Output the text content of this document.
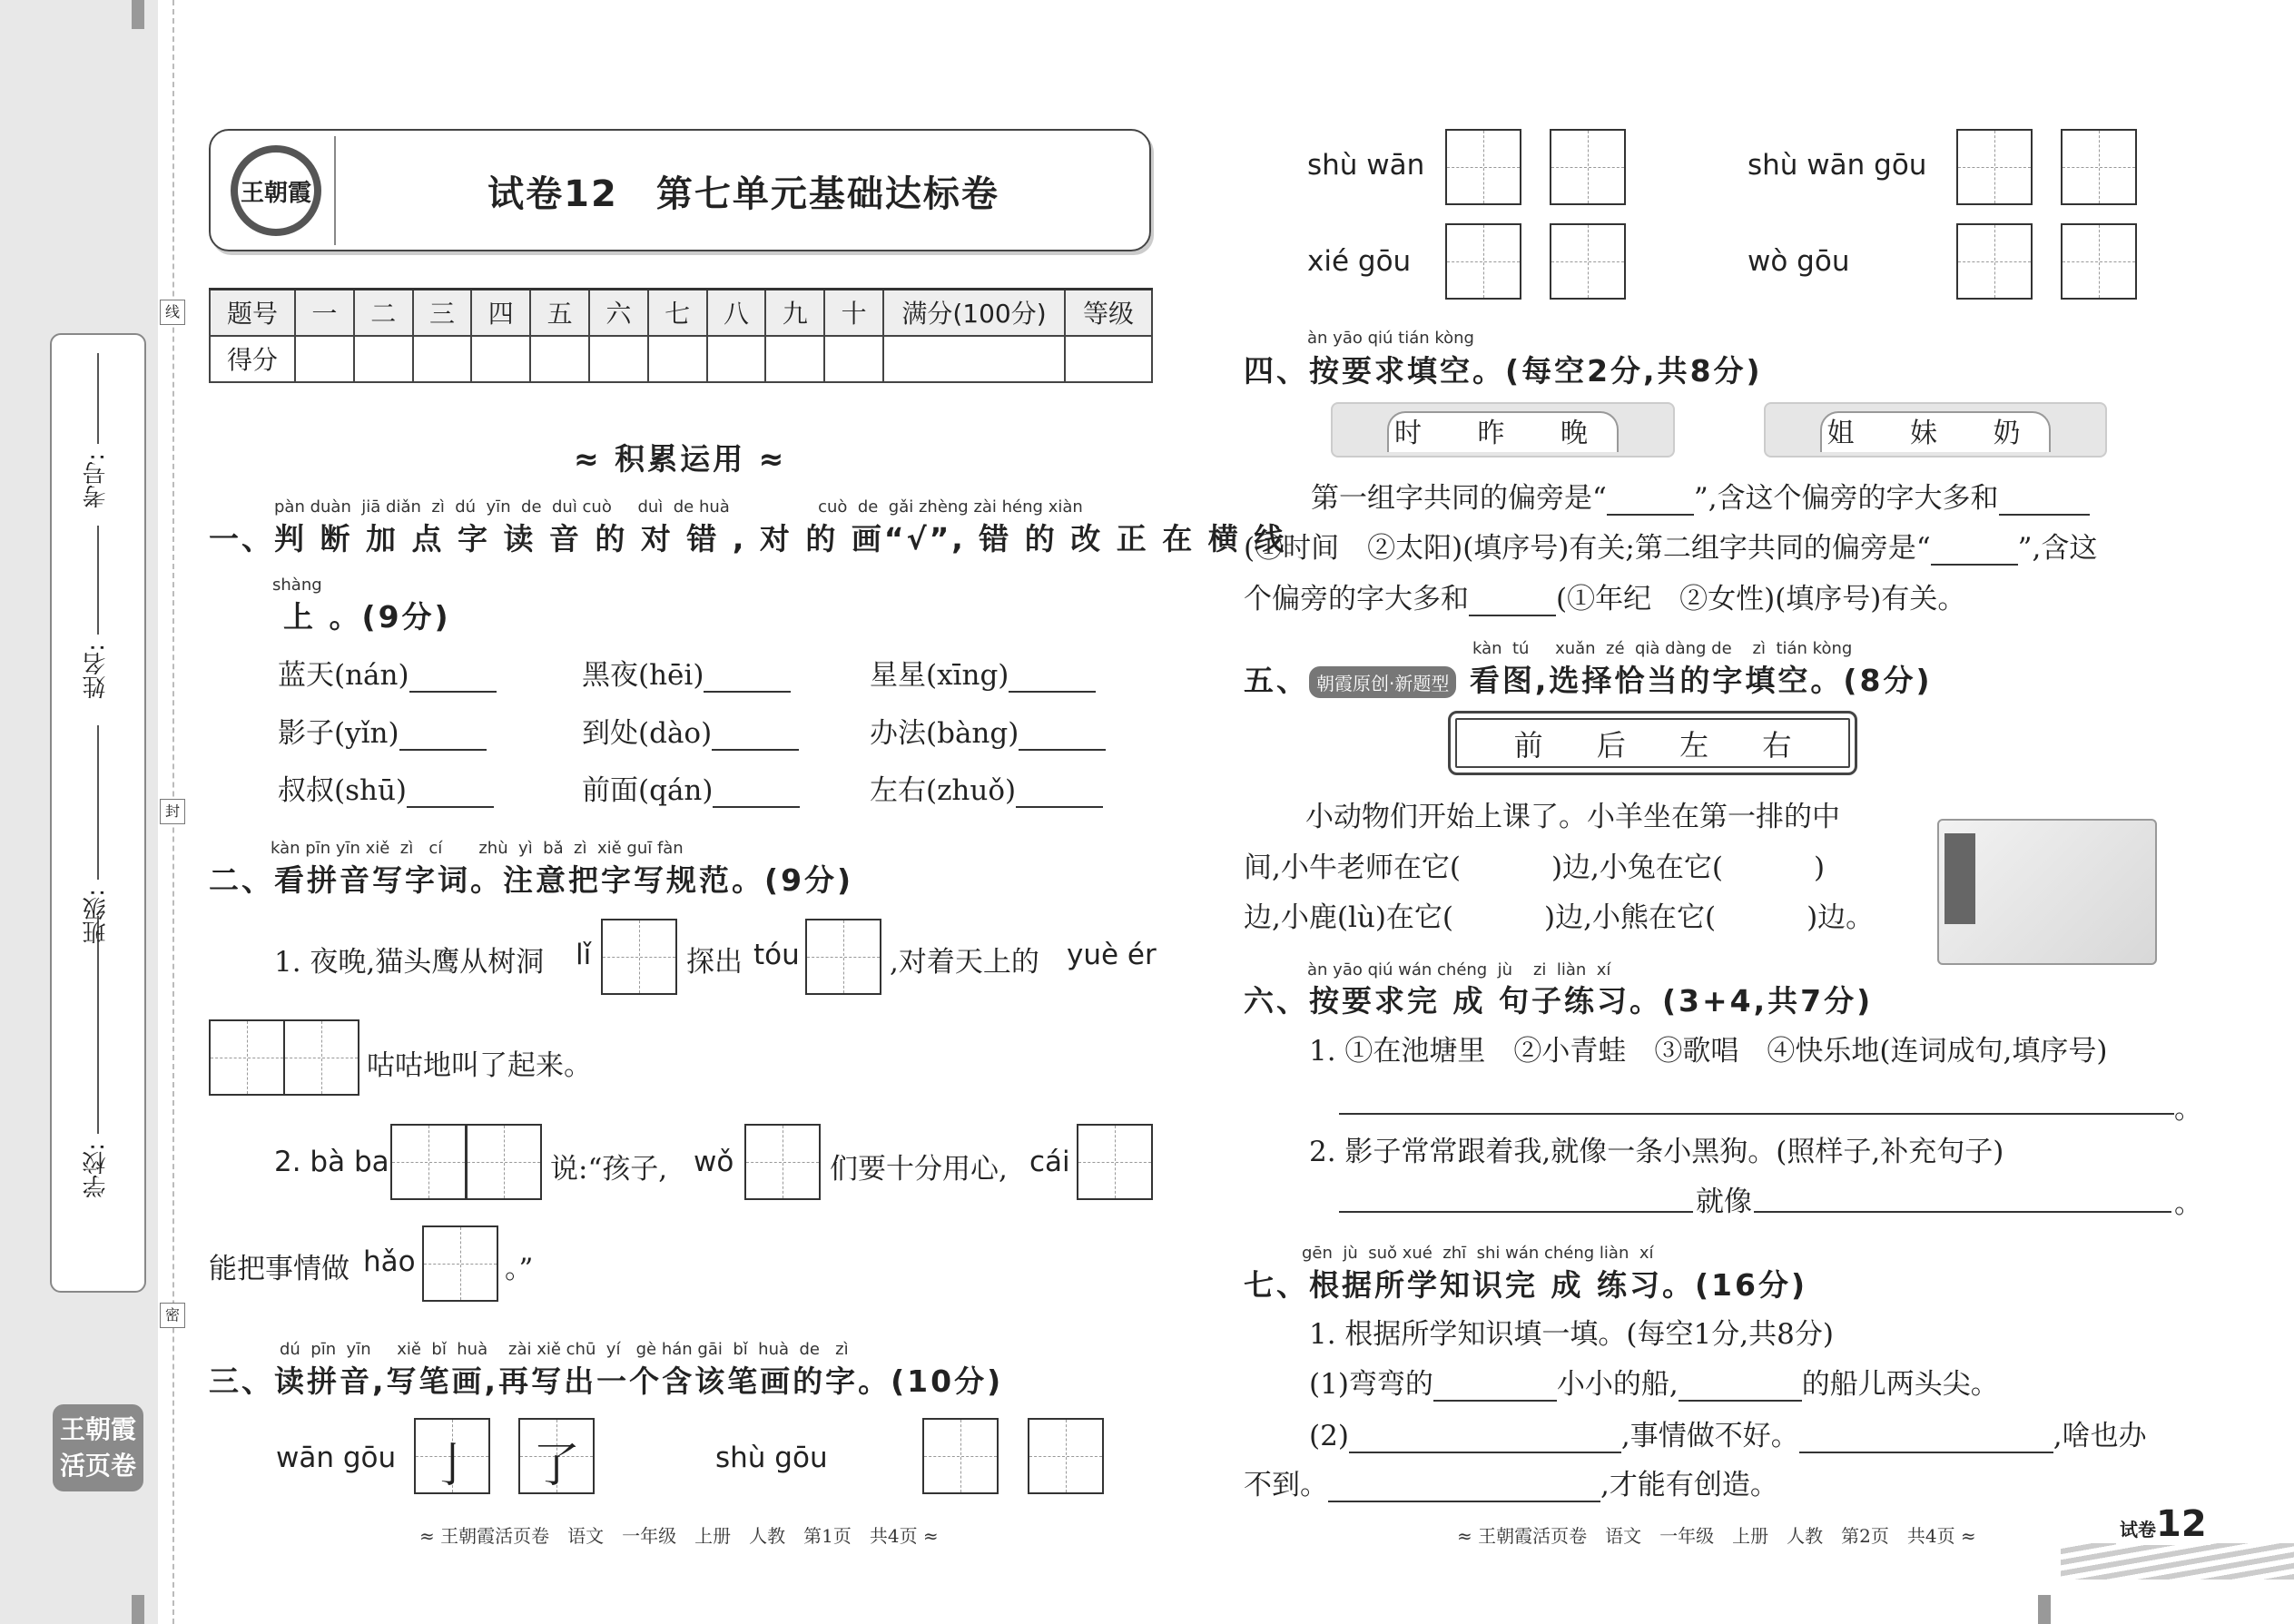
线
封
密
学校:
班级:
姓名:
考号:
王朝霞
活页卷
王朝霞	试卷12　第七单元基础达标卷
题号	一	二	三	四	五	六	七	八	九	十	满分(100分)	等级
得分												
≈ 积累运用 ≈
pàn duàn  jiā diǎn  zì  dú  yīn  de  duì cuò     duì  de huà                 cuò  de  gǎi zhèng zài héng xiàn
一、判 断 加 点 字 读 音 的 对 错 , 对 的 画“√”, 错 的 改 正 在 横 线
shàng
上 。(9分)
蓝天(nán)	黑夜(hēi)	星星(xīng)
影子(yǐn)	到处(dào)	办法(bàng)
叔叔(shū)	前面(qán)	左右(zhuǒ)
kàn pīn yīn xiě  zì   cí       zhù  yì  bǎ  zì  xiě guī fàn
二、看拼音写字词。注意把字写规范。(9分)
1. 夜晚,猫头鹰从树洞 lǐ	探出 tóu	,对着天上的 yuè ér
咕咕地叫了起来。
2. bà ba	说:“孩子, wǒ	们要十分用心, cái
能把事情做 hǎo	。”
dú  pīn  yīn     xiě  bǐ  huà    zài xiě chū  yí   gè hán gāi  bǐ  huà  de   zì
三、读拼音,写笔画,再写出一个含该笔画的字。(10分)
wān gōu 亅 了	shù gōu
≈ 王朝霞活页卷　语文　一年级　上册　人教　第1页　共4页 ≈
shù wān	shù wān gōu
xié gōu	wò gōu
àn yāo qiú tián kòng
四、按要求填空。(每空2分,共8分)
时 昨 晚	姐 妹 奶
第一组字共同的偏旁是“	”,含这个偏旁的字大多和
(①时间　②太阳)(填序号)有关;第二组字共同的偏旁是“	”,含这
个偏旁的字大多和	(①年纪　②女性)(填序号)有关。
kàn  tú     xuǎn  zé  qià dàng de    zì  tián kòng
五、 朝霞原创·新题型 看图,选择恰当的字填空。(8分)
前 后 左 右
小动物们开始上课了。小羊坐在第一排的中
间,小牛老师在它(	)边,小兔在它(	)
边,小鹿(lù)在它(	)边,小熊在它(	)边。
àn yāo qiú wán chéng  jù    zi  liàn  xí
六、按要求完 成 句子练习。(3+4,共7分)
1. ①在池塘里　②小青蛙　③歌唱　④快乐地(连词成句,填序号)
。
2. 影子常常跟着我,就像一条小黑狗。(照样子,补充句子)
就像	。
gēn  jù  suǒ xué  zhī  shi wán chéng liàn  xí
七、根据所学知识完 成 练习。(16分)
1. 根据所学知识填一填。(每空1分,共8分)
(1)弯弯的	小小的船,	的船儿两头尖。
(2)	,事情做不好。	,啥也办
不到。	,才能有创造。
≈ 王朝霞活页卷　语文　一年级　上册　人教　第2页　共4页 ≈	试卷12
